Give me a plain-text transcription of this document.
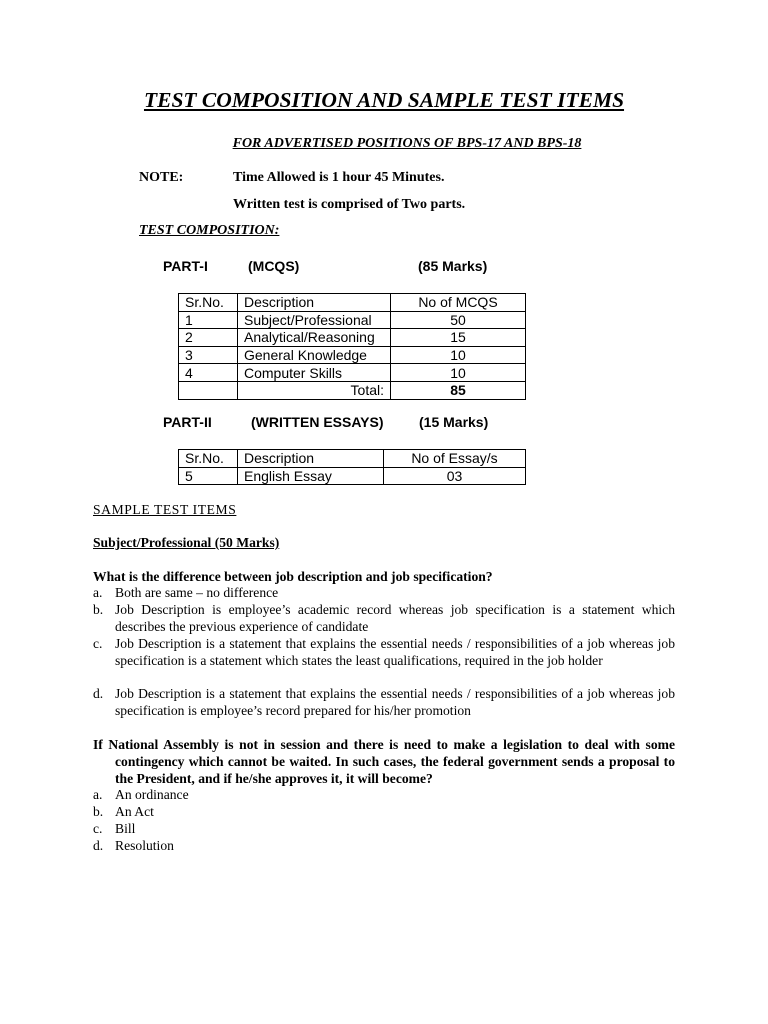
TEST COMPOSITION AND SAMPLE TEST ITEMS
FOR ADVERTISED POSITIONS OF BPS-17 AND BPS-18
NOTE:	Time Allowed is 1 hour 45 Minutes.
Written test is comprised of Two parts.
TEST COMPOSITION:
PART-I	(MCQS)	(85 Marks)
Sr.No.	Description	No of MCQS
1	Subject/Professional	50
2	Analytical/Reasoning	15
3	General Knowledge	10
4	Computer Skills	10
	Total:	85
PART-II	(WRITTEN ESSAYS)	(15 Marks)
Sr.No.	Description	No of Essay/s
5	English Essay	03
SAMPLE TEST ITEMS
Subject/Professional (50 Marks)
What is the difference between job description and job specification?
a. Both are same – no difference
b. Job Description is employee’s academic record whereas job specification is a statement which describes the previous experience of candidate
c. Job Description is a statement that explains the essential needs / responsibilities of a job whereas job specification is a statement which states the least qualifications, required in the job holder
d. Job Description is a statement that explains the essential needs / responsibilities of a job whereas job specification is employee’s record prepared for his/her promotion
If National Assembly is not in session and there is need to make a legislation to deal with some contingency which cannot be waited. In such cases, the federal government sends a proposal to the President, and if he/she approves it, it will become?
a. An ordinance
b. An Act
c. Bill
d. Resolution
